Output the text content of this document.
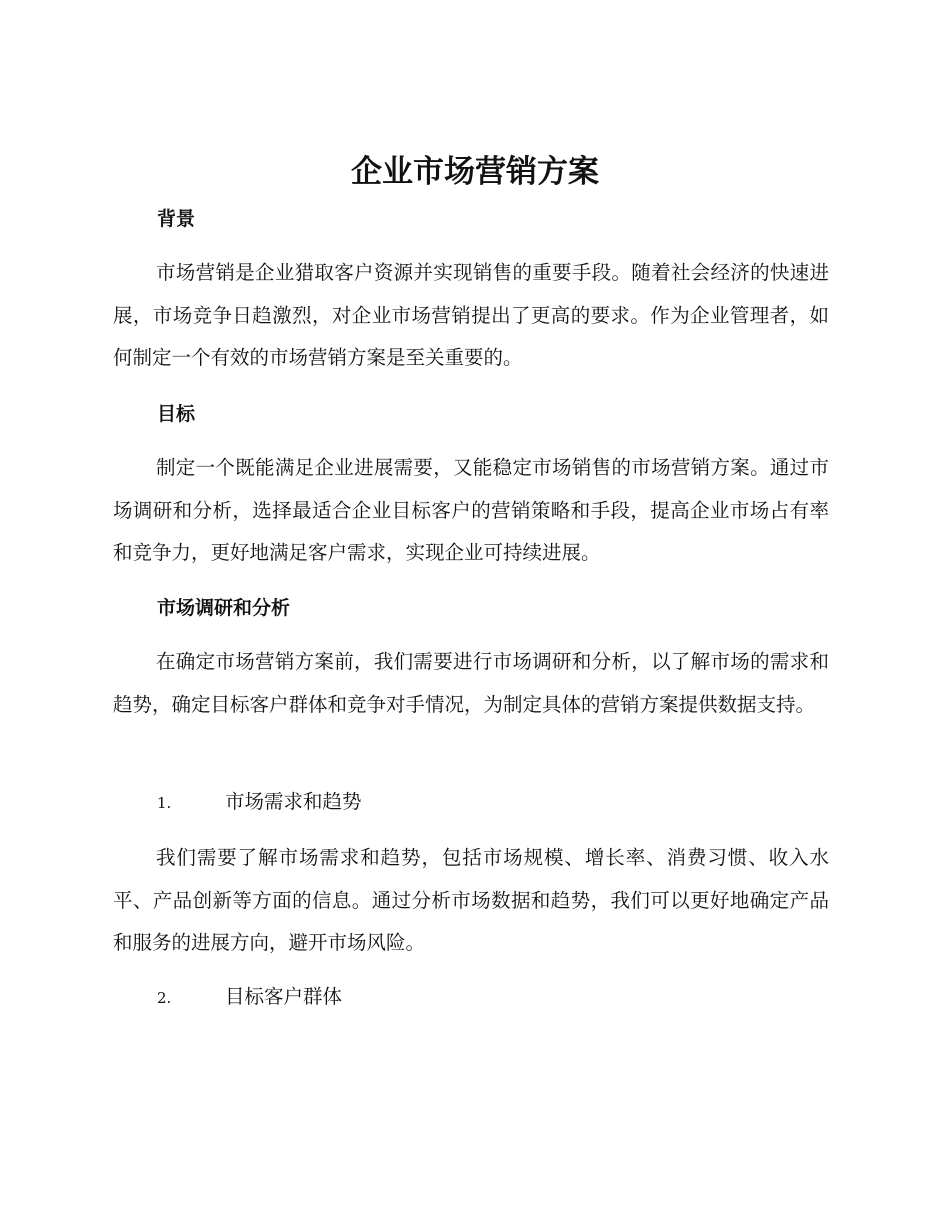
企业市场营销方案
背景

市场营销是企业猎取客户资源并实现销售的重要手段。随着社会经济的快速进展，市场竞争日趋激烈，对企业市场营销提出了更高的要求。作为企业管理者，如何制定一个有效的市场营销方案是至关重要的。

目标

制定一个既能满足企业进展需要，又能稳定市场销售的市场营销方案。通过市场调研和分析，选择最适合企业目标客户的营销策略和手段，提高企业市场占有率和竞争力，更好地满足客户需求，实现企业可持续进展。

市场调研和分析

在确定市场营销方案前，我们需要进行市场调研和分析，以了解市场的需求和趋势，确定目标客户群体和竞争对手情况，为制定具体的营销方案提供数据支持。

1.	市场需求和趋势

我们需要了解市场需求和趋势，包括市场规模、增长率、消费习惯、收入水平、产品创新等方面的信息。通过分析市场数据和趋势，我们可以更好地确定产品和服务的进展方向，避开市场风险。

2.	目标客户群体
